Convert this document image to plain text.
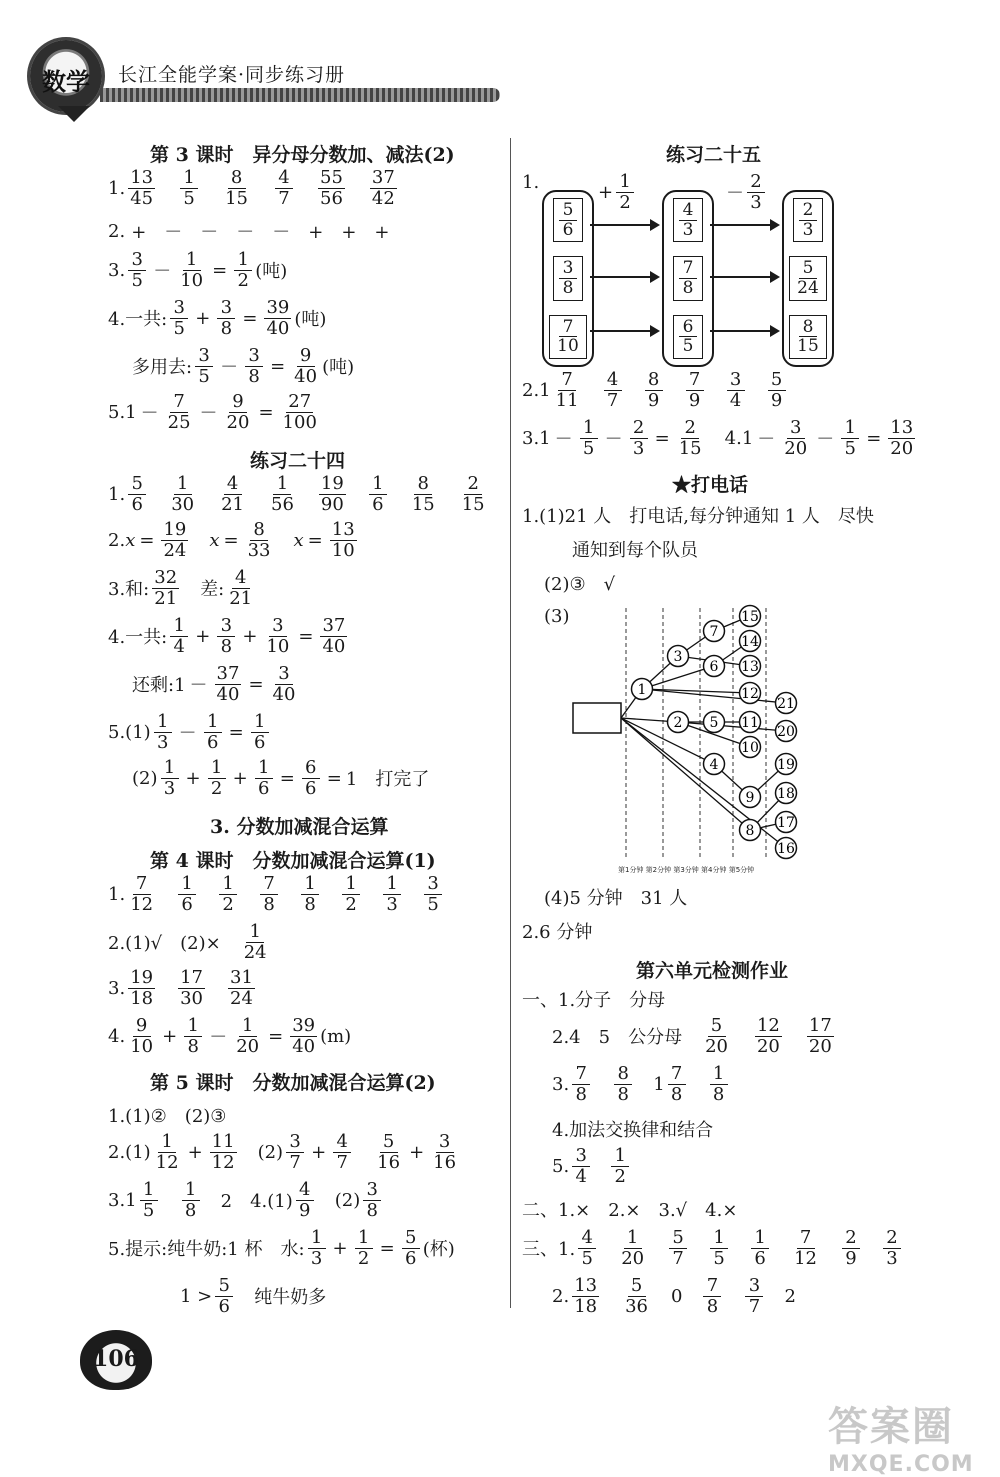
数学	长江全能学案·同步练习册
第 3 课时　异分母分数加、减法(2)
1. $\frac{13}{45} \frac{1}{5} \frac{8}{15} \frac{4}{7} \frac{55}{56} \frac{37}{42}$
2. +　－　－　－　－　+　+　+
3. $\frac{3}{5} - \frac{1}{10} = \frac{1}{2}$ (吨)
4.一共: $\frac{3}{5} + \frac{3}{8} = \frac{39}{40}$ (吨)
多用去: $\frac{3}{5} - \frac{3}{8} = \frac{9}{40}$ (吨)
$5.1 - \frac{7}{25} - \frac{9}{20} = \frac{27}{100}$
练习二十四
1. $\frac{5}{6} \frac{1}{30} \frac{4}{21} \frac{1}{56} \frac{19}{90} \frac{1}{6} \frac{8}{15} \frac{2}{15}$
2. $x = \frac{19}{24}$ $x = \frac{8}{33}$ $x = \frac{13}{10}$
3.和: $\frac{32}{21}$ 差: $\frac{4}{21}$
4.一共: $\frac{1}{4} + \frac{3}{8} + \frac{3}{10} = \frac{37}{40}$
还剩:1 － $\frac{37}{40} = \frac{3}{40}$
$5.(1) \frac{1}{3} - \frac{1}{6} = \frac{1}{6}$
$(2) \frac{1}{3} + \frac{1}{2} + \frac{1}{6} = \frac{6}{6} = 1$　打完了
3. 分数加减混合运算
第 4 课时　分数加减混合运算(1)
1. $\frac{7}{12} \frac{1}{6} \frac{1}{2} \frac{7}{8} \frac{1}{8} \frac{1}{2} \frac{1}{3} \frac{3}{5}$
2.(1)√　$(2)\times \frac{1}{24}$
3. $\frac{19}{18} \frac{17}{30} \frac{31}{24}$
4. $\frac{9}{10} + \frac{1}{8} - \frac{1}{20} = \frac{39}{40} (m)$
第 5 课时　分数加减混合运算(2)
1.(1)②　(2)③
$2.(1) \frac{1}{12} + \frac{11}{12} (2) \frac{3}{7} + \frac{4}{7} \frac{5}{16} + \frac{3}{16}$
$3.1 \frac{1}{5} \frac{1}{8} 2$　$4.(1) \frac{4}{9} (2) \frac{3}{8}$
5.提示:纯牛奶:1 杯　水: $\frac{1}{3} + \frac{1}{2} = \frac{5}{6}$ (杯)
$1 > \frac{5}{6}$ 纯牛奶多
练习二十五
1.	+ $\frac{1}{2}$	－ $\frac{2}{3}$
$\frac{5}{6}$
$\frac{3}{8}$
$\frac{7}{10}$
$\frac{4}{3}$
$\frac{7}{8}$
$\frac{6}{5}$
$\frac{2}{3}$
$\frac{5}{24}$
$\frac{8}{15}$
$2.1 \frac{7}{11} \frac{4}{7} \frac{8}{9} \frac{7}{9} \frac{3}{4} \frac{5}{9}$
$3.1 - \frac{1}{5} - \frac{2}{3} = \frac{2}{15} 4.1 - \frac{3}{20} - \frac{1}{5} = \frac{13}{20}$
★打电话
1.(1)21 人　打电话,每分钟通知 1 人　尽快
通知到每个队员
(2)③　√
(3)
1
2
3
4
5
6
7
8
9
10
11
12
13
14
15
16
17
18
19
20
21
第1分钟 第2分钟 第3分钟 第4分钟 第5分钟
(4)5 分钟　31 人
2.6 分钟
第六单元检测作业
一、1.分子　分母
2.4　5　公分母 $\frac{5}{20} \frac{12}{20} \frac{17}{20}$
3. $\frac{7}{8} \frac{8}{8} 1 \frac{7}{8} \frac{1}{8}$
4.加法交换律和结合
5. $\frac{3}{4} \frac{1}{2}$
二、1.×　2.×　3.√　4.×
三、1. $\frac{4}{5} \frac{1}{20} \frac{5}{7} \frac{1}{5} \frac{1}{6} \frac{7}{12} \frac{2}{9} \frac{2}{3}$
2. $\frac{13}{18} \frac{5}{36} 0 \frac{7}{8} \frac{3}{7} 2$
106
答案圈
MXQE.COM
